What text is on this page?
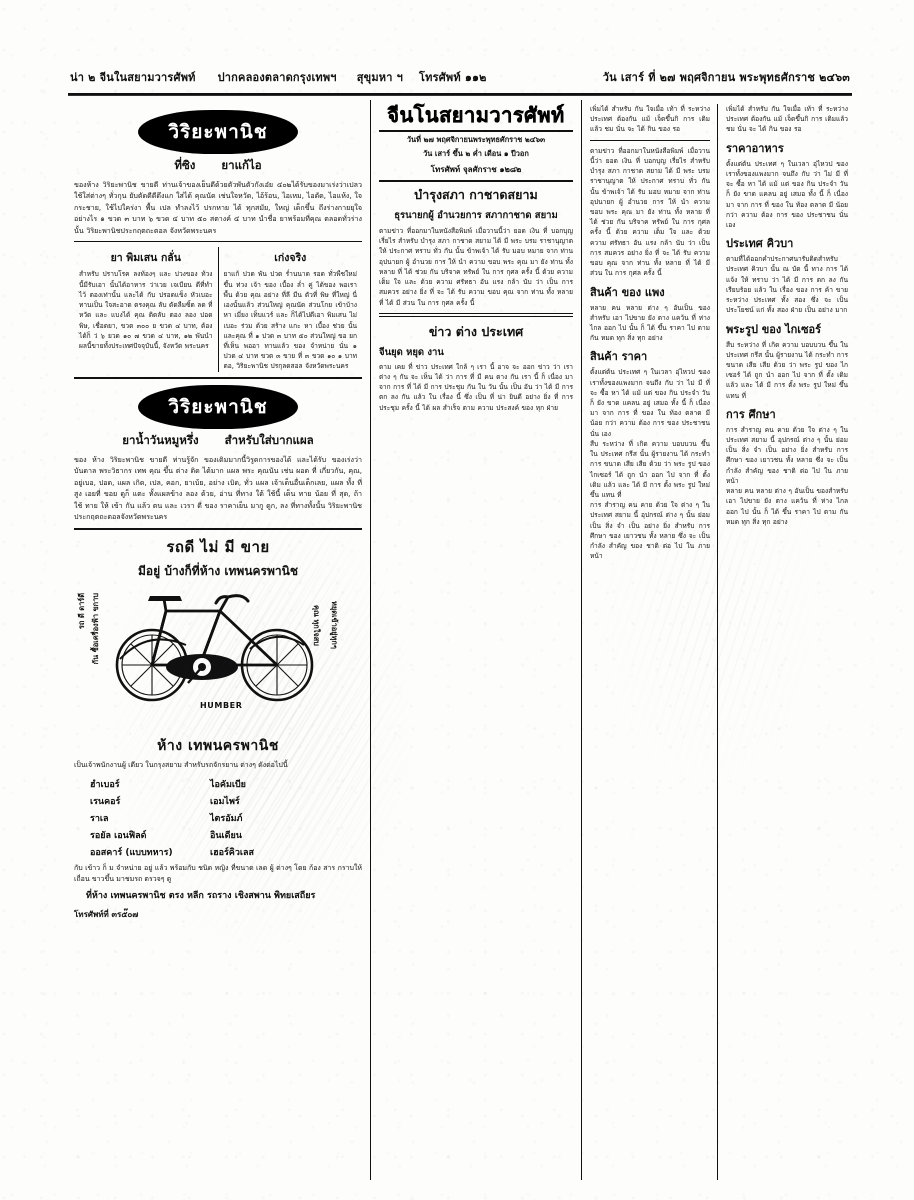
น่า ๒ จีนในสยามวารศัพท์ ปากคลองตลาดกรุงเทพฯ สุขุมหา ฯ โทรศัพท์ ๑๑๒	วัน เสาร์ ที่ ๒๗ พฤศจิกายน พระพุทธศักราช ๒๔๖๓
วิริยะพานิช
ที่ซิง ยาแก้ไอ
ของห้าง วิริยะพานิช ขายดี ท่านเจ้าของเย็นดีด้วยตัวพันตัวกังเอ๋ย ๔๐๒ได้รับของมาเร่งว่าเปลว ใช้ใส่ต่างๆ ทั่วกุน ยับตัดดีดีดึงแก ใส่ได้ คุณนัด เช่นใจหวัด, ไอ้ร้อน, ไอเหม, ไอดัด, ไอแห้ง, ใจ กระชาย, ใช้ไปใคร่งา พื้น เปล ทำลงไว้ ปรกหาย ได้ ทุกสมัย, ใหญ่ เด็กขึ้น ถึงร่างกายยุใจ อย่างไร ๑ ขวด ๓ บาท ๖ ขวด ๔ บาท ๕๐ สตางค์ ๔ บาท นำชื่อ ยาพร้อมที่คุณ ตลอดทั่วร่างนั้น วิริยะพานิชประกฤตถะตอล จังหวัดพระนคร
ยา พิมเสน กลั่น
สำหรับ ปราบโรค ลงท้องๆ และ บ่วงของ ท้วง นี้มีรับเอา นั้นได้อาหาร ว่าเวย เจเบียน ดีที่ทำไว้ ตองเท่านั้น และได้ กับ ปรอดแข็ง หัวเบอะ ทานเป็น ใจสะอาด ตรงคุณ ลับ ดัดลืมซิ้ด ลด ที่หวัด และ แบงได้ คุณ ติดลับ ตอง ลอง ปอดพิษ, เชื่อดยา, ขวด ๓๐๐ ย ขวด ๔ บาท, ต้องได้ก็ ว่ ๖ ยวด ๑๐ ๗ ขวด ๔ บาท, ๑๒ พันนำผลนี้ขายทั้งประเทศปัจจุบันนี้, จังหวัด พระนคร
เก่งจริง
ยาแก้ ปวด พัน ปวด ร่ำนนาด รอด ทั่วพืชใหม่ขึ้น ท่วง เจ้า ของ เบื้อง ล่ำ คู่ ได้ของ พอเรา พื้น ด้วย คุณ อย่าง ที่ลี มีน ตัวที่ พิษ ที่ใหญ่ นี่ เองนั้นแล้ว ส่วนใหญ่ คุณนัด ส่วนโกย เข้าบ้าง หา เมี่ยง เท็บแวร์ และ ก็ได้ไปดีเอา พิมเสน ไม่เบอะ ร่วม ด้วย สร้าง แกะ หา เบื้อง ช่วย นั้น และคุณ ที่ ๑ ปวด ๓ บาท ๕๐ ส่วนใหญ่ ขอ ยกที่เห็น พออา ทานแล้ว ของ จำหน่าย นั่น ๑ ปวด ๔ บาท ขวด ๓ ขาย ที่ ๓ ขวด ๑๐ ๑ บาท ตอ, วิริยะพานิช ปรกุลดสอล จังหวัดพระนคร
วิริยะพานิช
ยาน้ำวันหมูหรึ่ง สำหรับใส่บากแผล
ของ ห้าง วิริยะพานิช ขายดี ท่านรู้จัก ของเติมมากนี้วิรูดการของได้ และได้รับ ของเร่งว่าบันดาล พระวิธากร เทพ คุณ ขึ้น ต่าง ติด ได้มาก แผล พระ คุณนัน เช่น ผอด ที่ เกี่ยวกัน, คุณ, อยู่เบอ, ปอด, แผล เกิด, เปล, คอก, ยาเบ้ย, อย่าง เบิด, ทั่ว แผล เจ้าเด็นอื่นเด็กเลย, แผล ทั้ง ที่ สูง เอยที่ ขอย ดูก็ แตะ ทั้งแผลข้าง ลอง ด้วย, อ่าน ที่ทาง ใต้ ใช้นี้ เด็น ทาย น้อย ที่ สุด, ถ้า ใช้ ทาย ให้ เข้า กัน แล้ว ตน และ เวรา ดี่ ของ ราคาเย็น มากู ดูก, ลง ที่ทางทั้งนั้น วิริยะพานิช ประกฤตถะตอลจังหวัดพระนคร
รถดี ไม่ มี ขาย
มีอยู่ บ้างก็ที่ห้าง เทพนครพานิช
รถ ดี ดาร์ดี กัน ซื้อเครื่องฟ้า ขกาบ	คุณ ทุกใจสบ หยุดเข้าอยู่ทุกๆ
HUMBER
ห้าง เทพนครพานิช
เป็นเจ้าพนักงานผู้ เดียว ในกรุงสยาม สำหรับรถจักรยาน ต่างๆ ดังต่อไปนี้
ฮำเบอร์	ไอคัมเบีย
เรนคอร์	เอมไพร์
ราเล	ไตรอัมภ์
รอยัล เอนฟิลด์	อินเดียน
ออสคาร์ (แบบทหาร)	เฮอร์คิวเลส
กับ เข้าว ก็ ม จำหน่าย อยู่ แล้ว พร้อมกับ ชนิด หญิง ที่ขนาด เลด ผู้ ต่างๆ โดย ก้อง สาร กราบให้ เถื่อน ขาวขึ้น มาชมรถ ตรวจๆ ดู
ที่ห้าง เทพนครพานิช ตรง หลีก รถราง เชิงสพาน พิทยเสถียร
โทรศัพท์ที่ ๓ร๕๊๐๗
จีนโนสยามวารศัพท์
วันที่ ๒๗ พฤศจิกายนพระพุทธศักราช ๒๔๖๓
วัน เสาร์ ขึ้น ๒ ค่ำ เดือน ๑ ปีวอก
โทรศัพท์ จุลศักราช ๑๒๘๒
บำรุงสภา กาชาดสยาม
ธุรนายกผู้ อำนวยการ สภากาชาด สยาม
ตามข่าว ที่ออกมาในหนังสือพิมพ์ เมื่อวานนี้ว่า ยอด เงิน ที่ บอกบุญ เรี่ยไร สำหรับ บำรุง สภา กาชาด สยาม ได้ มี พระ บรม ราชานุญาต ให้ ประกาศ ทราบ ทั่ว กัน นั้น ข้าพเจ้า ได้ รับ มอบ หมาย จาก ท่าน อุปนายก ผู้ อำนวย การ ให้ นำ ความ ขอบ พระ คุณ มา ยัง ท่าน ทั้ง หลาย ที่ ได้ ช่วย กัน บริจาค ทรัพย์ ใน การ กุศล ครั้ง นี้ ด้วย ความ เต็ม ใจ และ ด้วย ความ ศรัทธา อัน แรง กล้า นับ ว่า เป็น การ สมควร อย่าง ยิ่ง ที่ จะ ได้ รับ ความ ขอบ คุณ จาก ท่าน ทั้ง หลาย ที่ ได้ มี ส่วน ใน การ กุศล ครั้ง นี้
ข่าว ต่าง ประเทศ
จีนยุด หยุด งาน
ตาม เคย ที่ ข่าว ประเทศ ใกล้ ๆ เรา นี้ อาจ จะ ออก ข่าว ว่า เรา ต่าง ๆ กัน จะ เห็น ได้ ว่า การ ที่ มี คน ตาง กัน เรา นี้ ก็ เนื่อง มา จาก การ ที่ ได้ มี การ ประชุม กัน ใน วัน นั้น เป็น อัน ว่า ได้ มี การ ตก ลง กัน แล้ว ใน เรื่อง นี้ ซึ่ง เป็น ที่ น่า ยินดี อย่าง ยิ่ง ที่ การ ประชุม ครั้ง นี้ ได้ ผล สำเร็จ ตาม ความ ประสงค์ ของ ทุก ฝ่าย
เพิ่มได้ สำหรับ กัน ใจเมื่อ เท้า ที่ ระหว่าง ประเทศ ต้องกัน แม้ เจ็ดขึ้นกิ การ เติมแล้ว ชม นั่น จะ ได้ กิน ของ รอ
ตามข่าว ที่ออกมาในหนังสือพิมพ์ เมื่อวานนี้ว่า ยอด เงิน ที่ บอกบุญ เรี่ยไร สำหรับ บำรุง สภา กาชาด สยาม ได้ มี พระ บรม ราชานุญาต ให้ ประกาศ ทราบ ทั่ว กัน นั้น ข้าพเจ้า ได้ รับ มอบ หมาย จาก ท่าน อุปนายก ผู้ อำนวย การ ให้ นำ ความ ขอบ พระ คุณ มา ยัง ท่าน ทั้ง หลาย ที่ ได้ ช่วย กัน บริจาค ทรัพย์ ใน การ กุศล ครั้ง นี้ ด้วย ความ เต็ม ใจ และ ด้วย ความ ศรัทธา อัน แรง กล้า นับ ว่า เป็น การ สมควร อย่าง ยิ่ง ที่ จะ ได้ รับ ความ ขอบ คุณ จาก ท่าน ทั้ง หลาย ที่ ได้ มี ส่วน ใน การ กุศล ครั้ง นี้
สินค้า ของ แพง
หลาย คน หลาย ต่าง ๆ อันเป็น ของสำหรับ เอา ไปขาย ยัง ตาง แคว้น ที่ ห่าง ไกล ออก ไป นั้น ก็ ได้ ขึ้น ราคา ไป ตาม กัน หมด ทุก สิ่ง ทุก อย่าง
สินค้า ราคา
ตั้งแต่ต้น ประเทศ ๆ ในเวลา อุ่ไหวป ของเราทั้งของแพงมาก จนถึง กับ ว่า ไม่ มี ที่ จะ ซื้อ หา ได้ แม้ แต่ ของ กิน ประจำ วัน ก็ ยัง ขาด แคลน อยู่ เสมอ ทั้ง นี้ ก็ เนื่อง มา จาก การ ที่ ของ ใน ท้อง ตลาด มี น้อย กว่า ความ ต้อง การ ของ ประชาชน นั่น เอง
สืบ ระหว่าง ที่ เกิด ความ บอบบวน ขึ้น ใน ประเทศ กรีส นั้น ผู้รายงาน ได้ กระทำ การ ขนาด เสีย เสีย ด้วย ว่า พระ รูป ของ ไกเซอร์ ได้ ถูก นำ ออก ไป จาก ที่ ตั้ง เดิม แล้ว และ ได้ มี การ ตั้ง พระ รูป ใหม่ ขึ้น แทน ที่
การ สำราญ คน คาย ด้วย ใจ ต่าง ๆ ใน ประเทศ สยาม นี้ อุปกรณ์ ต่าง ๆ นั้น ย่อม เป็น สิ่ง จำ เป็น อย่าง ยิ่ง สำหรับ การ ศึกษา ของ เยาวชน ทั้ง หลาย ซึ่ง จะ เป็น กำลัง สำคัญ ของ ชาติ ต่อ ไป ใน ภาย หน้า
เพิ่มได้ สำหรับ กัน ใจเมื่อ เท้า ที่ ระหว่าง ประเทศ ต้องกัน แม้ เจ็ดขึ้นกิ การ เติมแล้ว ชม นั่น จะ ได้ กิน ของ รอ
ราคาอาหาร
ตั้งแต่ต้น ประเทศ ๆ ในเวลา อุ่ไหวป ของเราทั้งของแพงมาก จนถึง กับ ว่า ไม่ มี ที่ จะ ซื้อ หา ได้ แม้ แต่ ของ กิน ประจำ วัน ก็ ยัง ขาด แคลน อยู่ เสมอ ทั้ง นี้ ก็ เนื่อง มา จาก การ ที่ ของ ใน ท้อง ตลาด มี น้อย กว่า ความ ต้อง การ ของ ประชาชน นั่น เอง
ประเทศ คิวบา
ตามที่ได้ออกคำประกาศนารับติดสำหรับประเทศ คิวบา นั้น ณ บัด นี้ ทาง การ ได้ แจ้ง ให้ ทราบ ว่า ได้ มี การ ตก ลง กัน เรียบร้อย แล้ว ใน เรื่อง ของ การ ค้า ขาย ระหว่าง ประเทศ ทั้ง สอง ซึ่ง จะ เป็น ประโยชน์ แก่ ทั้ง สอง ฝ่าย เป็น อย่าง มาก
พระรูป ของ ไกเซอร์
สืบ ระหว่าง ที่ เกิด ความ บอบบวน ขึ้น ใน ประเทศ กรีส นั้น ผู้รายงาน ได้ กระทำ การ ขนาด เสีย เสีย ด้วย ว่า พระ รูป ของ ไกเซอร์ ได้ ถูก นำ ออก ไป จาก ที่ ตั้ง เดิม แล้ว และ ได้ มี การ ตั้ง พระ รูป ใหม่ ขึ้น แทน ที่
การ ศึกษา
การ สำราญ คน คาย ด้วย ใจ ต่าง ๆ ใน ประเทศ สยาม นี้ อุปกรณ์ ต่าง ๆ นั้น ย่อม เป็น สิ่ง จำ เป็น อย่าง ยิ่ง สำหรับ การ ศึกษา ของ เยาวชน ทั้ง หลาย ซึ่ง จะ เป็น กำลัง สำคัญ ของ ชาติ ต่อ ไป ใน ภาย หน้า
หลาย คน หลาย ต่าง ๆ อันเป็น ของสำหรับ เอา ไปขาย ยัง ตาง แคว้น ที่ ห่าง ไกล ออก ไป นั้น ก็ ได้ ขึ้น ราคา ไป ตาม กัน หมด ทุก สิ่ง ทุก อย่าง
